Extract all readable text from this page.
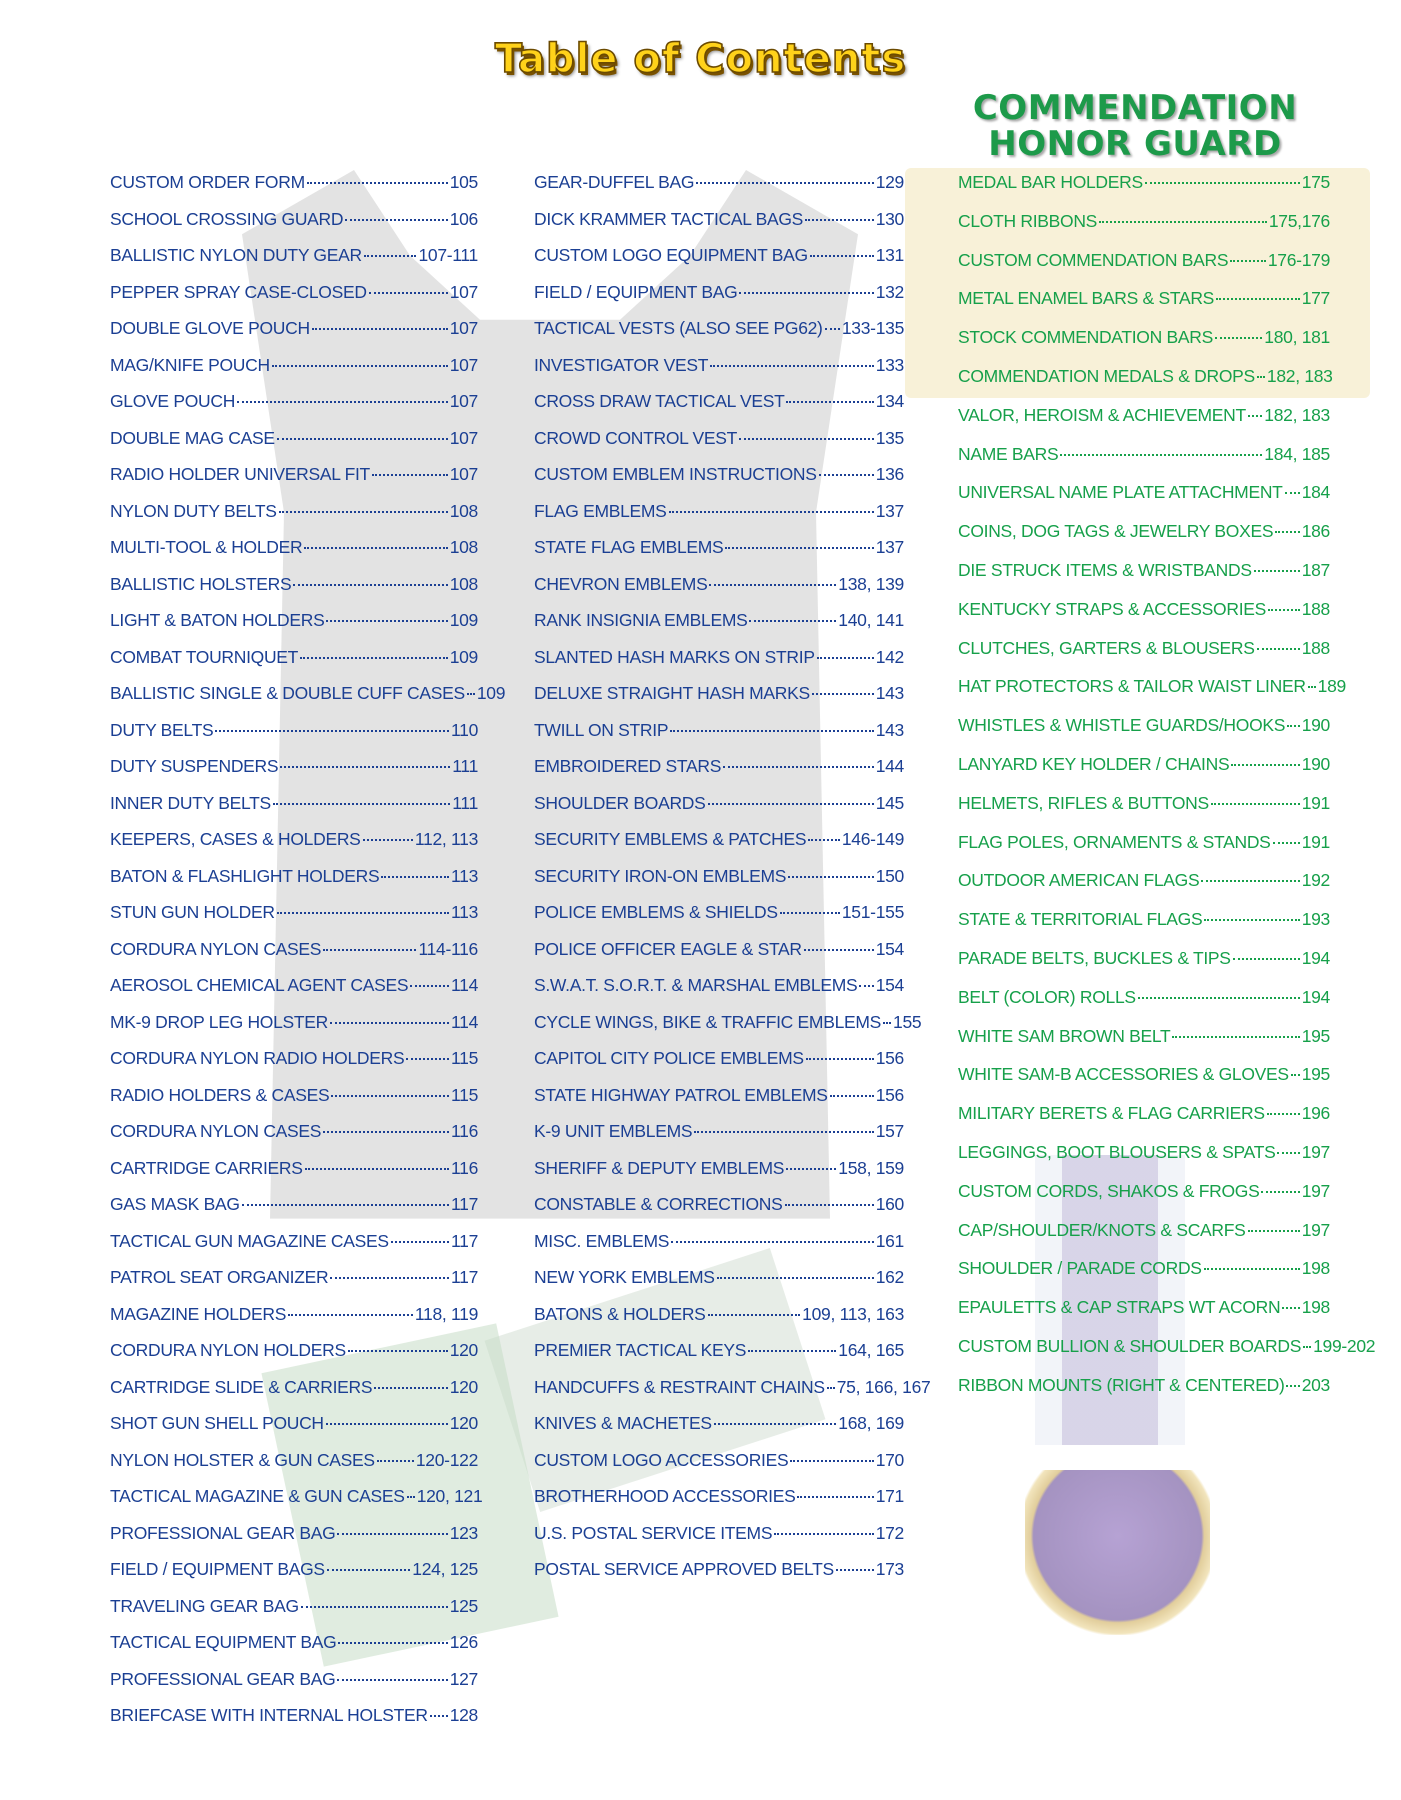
Table of Contents
COMMENDATION
HONOR GUARD
CUSTOM ORDER FORM	105
SCHOOL CROSSING GUARD	106
BALLISTIC NYLON DUTY GEAR	107-111
PEPPER SPRAY CASE-CLOSED	107
DOUBLE GLOVE POUCH	107
MAG/KNIFE POUCH	107
GLOVE POUCH	107
DOUBLE MAG CASE	107
RADIO HOLDER UNIVERSAL FIT	107
NYLON DUTY BELTS	108
MULTI-TOOL & HOLDER	108
BALLISTIC HOLSTERS	108
LIGHT & BATON HOLDERS	109
COMBAT TOURNIQUET	109
BALLISTIC SINGLE & DOUBLE CUFF CASES 109
DUTY BELTS	110
DUTY SUSPENDERS	111
INNER DUTY BELTS	111
KEEPERS, CASES & HOLDERS	112, 113
BATON & FLASHLIGHT HOLDERS	113
STUN GUN HOLDER	113
CORDURA NYLON CASES	114-116
AEROSOL CHEMICAL AGENT CASES 114
MK-9 DROP LEG HOLSTER	114
CORDURA NYLON RADIO HOLDERS	115
RADIO HOLDERS & CASES	115
CORDURA NYLON CASES	116
CARTRIDGE CARRIERS	116
GAS MASK BAG	117
TACTICAL GUN MAGAZINE CASES	117
PATROL SEAT ORGANIZER	117
MAGAZINE HOLDERS	118, 119
CORDURA NYLON HOLDERS	120
CARTRIDGE SLIDE & CARRIERS	120
SHOT GUN SHELL POUCH	120
NYLON HOLSTER & GUN CASES 120-122
TACTICAL MAGAZINE & GUN CASES 120, 121
PROFESSIONAL GEAR BAG	123
FIELD / EQUIPMENT BAGS	124, 125
TRAVELING GEAR BAG	125
TACTICAL EQUIPMENT BAG	126
PROFESSIONAL GEAR BAG	127
BRIEFCASE WITH INTERNAL HOLSTER 128
GEAR-DUFFEL BAG	129
DICK KRAMMER TACTICAL BAGS	130
CUSTOM LOGO EQUIPMENT BAG	131
FIELD / EQUIPMENT BAG	132
TACTICAL VESTS (ALSO SEE PG62) 133-135
INVESTIGATOR VEST	133
CROSS DRAW TACTICAL VEST	134
CROWD CONTROL VEST	135
CUSTOM EMBLEM INSTRUCTIONS	136
FLAG EMBLEMS	137
STATE FLAG EMBLEMS	137
CHEVRON EMBLEMS	138, 139
RANK INSIGNIA EMBLEMS	140, 141
SLANTED HASH MARKS ON STRIP	142
DELUXE STRAIGHT HASH MARKS	143
TWILL ON STRIP	143
EMBROIDERED STARS	144
SHOULDER BOARDS	145
SECURITY EMBLEMS & PATCHES 146-149
SECURITY IRON-ON EMBLEMS	150
POLICE EMBLEMS & SHIELDS	151-155
POLICE OFFICER EAGLE & STAR	154
S.W.A.T. S.O.R.T. & MARSHAL EMBLEMS 154
CYCLE WINGS, BIKE & TRAFFIC EMBLEMS 155
CAPITOL CITY POLICE EMBLEMS	156
STATE HIGHWAY PATROL EMBLEMS	156
K-9 UNIT EMBLEMS	157
SHERIFF & DEPUTY EMBLEMS	158, 159
CONSTABLE & CORRECTIONS	160
MISC. EMBLEMS	161
NEW YORK EMBLEMS	162
BATONS & HOLDERS	109, 113, 163
PREMIER TACTICAL KEYS	164, 165
HANDCUFFS & RESTRAINT CHAINS 75, 166, 167
KNIVES & MACHETES	168, 169
CUSTOM LOGO ACCESSORIES	170
BROTHERHOOD ACCESSORIES	171
U.S. POSTAL SERVICE ITEMS	172
POSTAL SERVICE APPROVED BELTS 173
MEDAL BAR HOLDERS	175
CLOTH RIBBONS	175,176
CUSTOM COMMENDATION BARS 176-179
METAL ENAMEL BARS & STARS	177
STOCK COMMENDATION BARS	180, 181
COMMENDATION MEDALS & DROPS 182, 183
VALOR, HEROISM & ACHIEVEMENT 182, 183
NAME BARS	184, 185
UNIVERSAL NAME PLATE ATTACHMENT 184
COINS, DOG TAGS & JEWELRY BOXES 186
DIE STRUCK ITEMS & WRISTBANDS	187
KENTUCKY STRAPS & ACCESSORIES 188
CLUTCHES, GARTERS & BLOUSERS	188
HAT PROTECTORS & TAILOR WAIST LINER 189
WHISTLES & WHISTLE GUARDS/HOOKS 190
LANYARD KEY HOLDER / CHAINS	190
HELMETS, RIFLES & BUTTONS	191
FLAG POLES, ORNAMENTS & STANDS 191
OUTDOOR AMERICAN FLAGS	192
STATE & TERRITORIAL FLAGS	193
PARADE BELTS, BUCKLES & TIPS	194
BELT (COLOR) ROLLS	194
WHITE SAM BROWN BELT	195
WHITE SAM-B ACCESSORIES & GLOVES 195
MILITARY BERETS & FLAG CARRIERS 196
LEGGINGS, BOOT BLOUSERS & SPATS 197
CUSTOM CORDS, SHAKOS & FROGS 197
CAP/SHOULDER/KNOTS & SCARFS	197
SHOULDER / PARADE CORDS	198
EPAULETTS & CAP STRAPS WT ACORN 198
CUSTOM BULLION & SHOULDER BOARDS 199-202
RIBBON MOUNTS (RIGHT & CENTERED) 203
